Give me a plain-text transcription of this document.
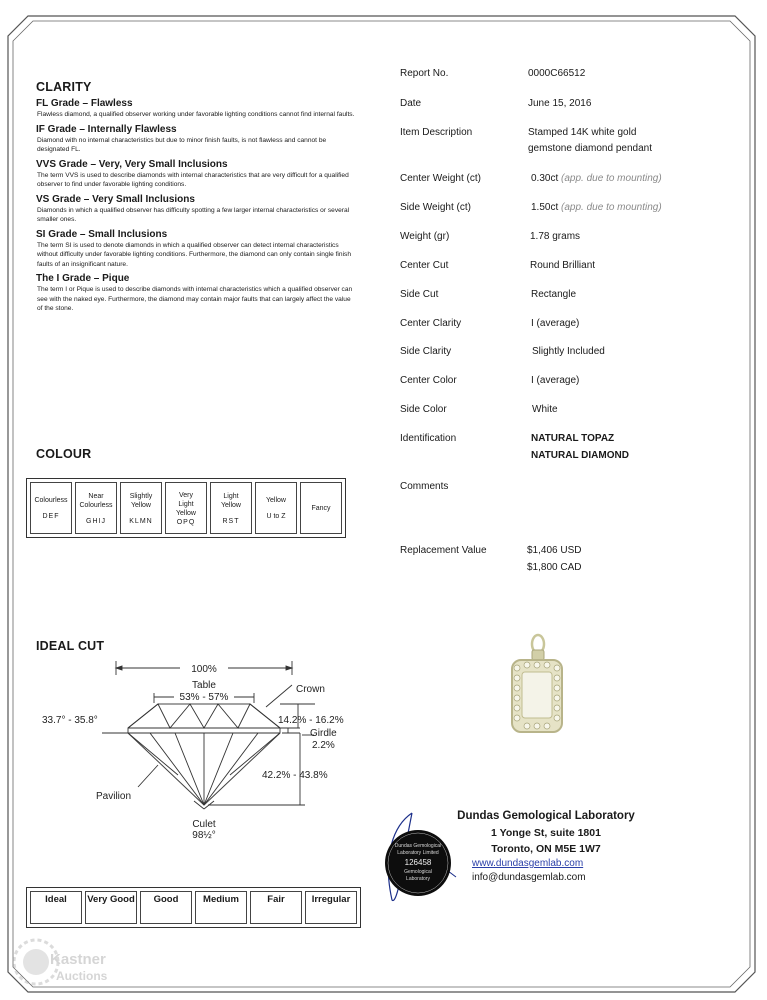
CLARITY
FL Grade – Flawless
Flawless diamond, a qualified observer working under favorable lighting conditions cannot find internal faults.
IF Grade – Internally Flawless
Diamond with no internal characteristics but due to minor finish faults, is not flawless and cannot be designated FL.
VVS Grade – Very, Very Small Inclusions
The term VVS is used to describe diamonds with internal characteristics that are very difficult for a qualified observer to find under favorable lighting conditions.
VS Grade – Very Small Inclusions
Diamonds in which a qualified observer has difficulty spotting a few larger internal characteristics or several smaller ones.
SI Grade – Small Inclusions
The term SI is used to denote diamonds in which a qualified observer can detect internal characteristics without difficulty under favorable lighting conditions. Furthermore, the diamond can only contain single finish faults of an insignificant nature.
The I Grade – Pique
The term I or Pique is used to describe diamonds with internal characteristics which a qualified observer can see with the naked eye. Furthermore, the diamond may contain major faults that can largely affect the value of the stone.
COLOUR
Colourless
DEF

Near
Colourless
GHIJ

Slightly
Yellow
KLMN

Very
Light
Yellow
OPQ

Light
Yellow
RST

Yellow
U to Z

Fancy
Report No.	0000C66512
Date	June 15, 2016
Item Description	Stamped 14K white gold
gemstone diamond pendant
Center Weight (ct)	0.30ct (app. due to mounting)
Side Weight (ct)	1.50ct (app. due to mounting)
Weight (gr)	1.78 grams
Center Cut	Round Brilliant
Side Cut	Rectangle
Center Clarity	I (average)
Side Clarity	Slightly Included
Center Color	I (average)
Side Color	White
Identification	NATURAL TOPAZ
NATURAL DIAMOND
Comments
Replacement Value	$1,406 USD
$1,800 CAD
IDEAL CUT
100%
Table
53% - 57%
Crown
33.7° - 35.8°	14.2% - 16.2%
Girdle
2.2%
42.2% - 43.8%
Pavilion
Culet
98½°
Ideal	Very Good	Good	Medium	Fair	Irregular
Dundas Gemological
Laboratory Limited
126458
Gemological
Laboratory
Dundas Gemological Laboratory
1 Yonge St, suite 1801
Toronto, ON M5E 1W7
www.dundasgemlab.com
info@dundasgemlab.com
Kastner
Auctions
